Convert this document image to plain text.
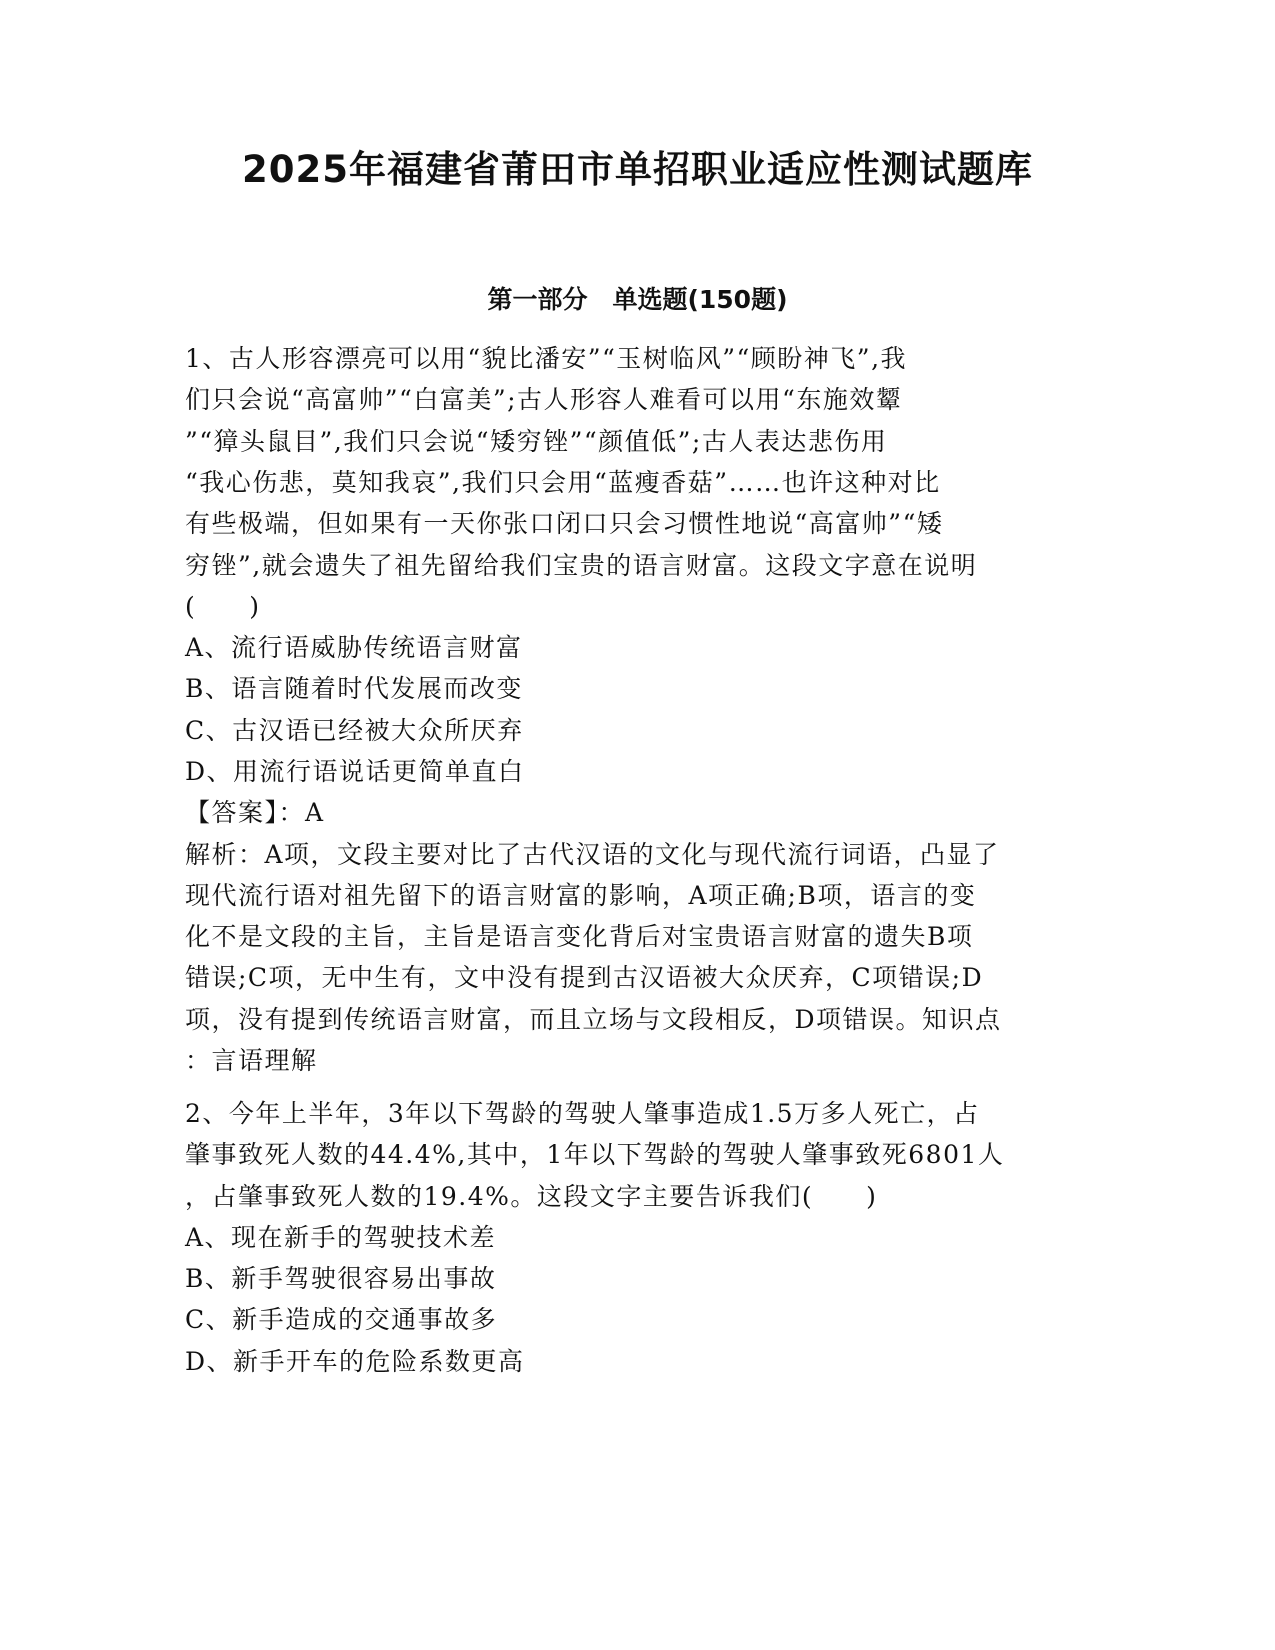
2025年福建省莆田市单招职业适应性测试题库
第一部分　单选题(150题)
1、古人形容漂亮可以用“貌比潘安”“玉树临风”“顾盼神飞”,我
们只会说“高富帅”“白富美”;古人形容人难看可以用“东施效颦
”“獐头鼠目”,我们只会说“矮穷锉”“颜值低”;古人表达悲伤用
“我心伤悲，莫知我哀”,我们只会用“蓝瘦香菇”……也许这种对比
有些极端，但如果有一天你张口闭口只会习惯性地说“高富帅”“矮
穷锉”,就会遗失了祖先留给我们宝贵的语言财富。这段文字意在说明
(　　)
A、流行语威胁传统语言财富
B、语言随着时代发展而改变
C、古汉语已经被大众所厌弃
D、用流行语说话更简单直白
【答案】：A
解析：A项，文段主要对比了古代汉语的文化与现代流行词语，凸显了
现代流行语对祖先留下的语言财富的影响，A项正确;B项，语言的变
化不是文段的主旨，主旨是语言变化背后对宝贵语言财富的遗失B项
错误;C项，无中生有，文中没有提到古汉语被大众厌弃，C项错误;D
项，没有提到传统语言财富，而且立场与文段相反，D项错误。知识点
：言语理解
2、今年上半年，3年以下驾龄的驾驶人肇事造成1.5万多人死亡，占
肇事致死人数的44.4%,其中，1年以下驾龄的驾驶人肇事致死6801人
，占肇事致死人数的19.4%。这段文字主要告诉我们(　　)
A、现在新手的驾驶技术差
B、新手驾驶很容易出事故
C、新手造成的交通事故多
D、新手开车的危险系数更高
